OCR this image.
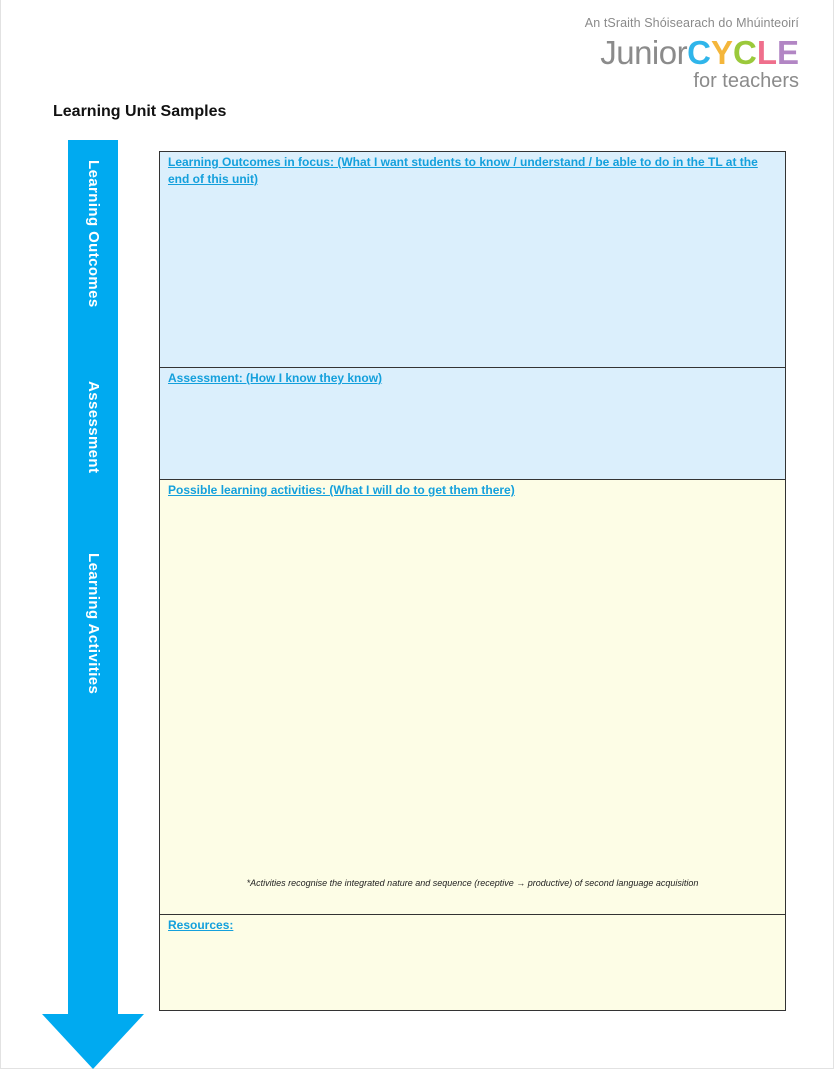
An tSraith Shóisearach do Mhúinteoirí
JuniorCYCLE
for teachers
Learning Unit Samples
Learning Outcomes
Assessment
Learning Activities
Learning Outcomes in focus: (What I want students to know / understand / be able to do in the TL at the end of this unit)
Assessment: (How I know they know)
Possible learning activities: (What I will do to get them there)
*Activities recognise the integrated nature and sequence (receptive → productive) of second language acquisition
Resources:
